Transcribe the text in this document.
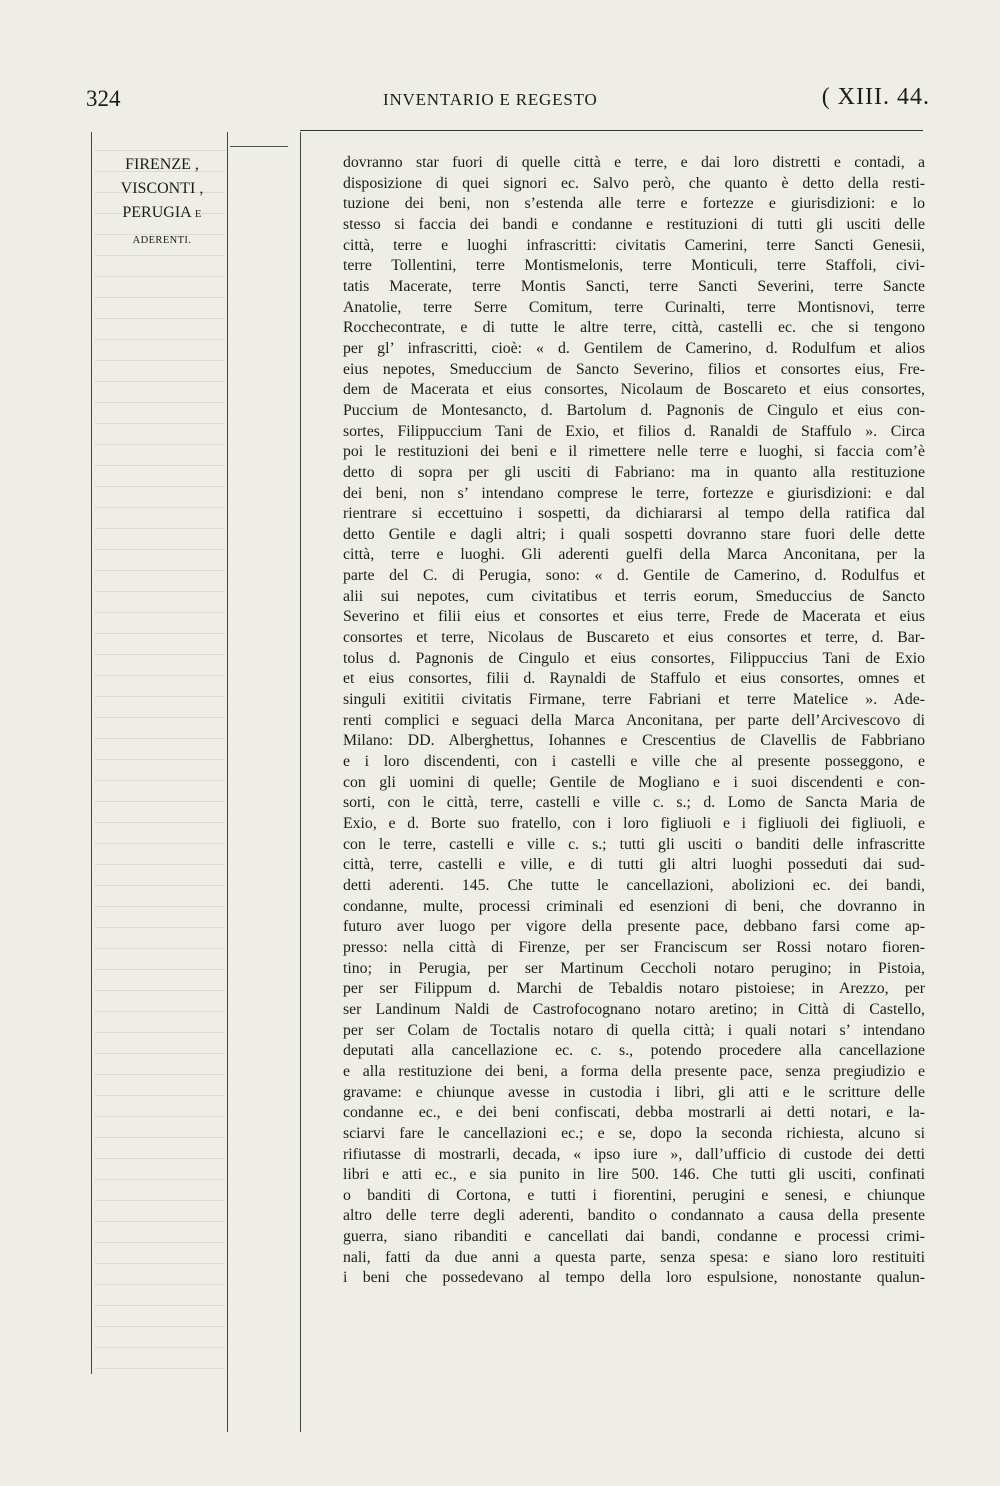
324	INVENTARIO E REGESTO	( XIII. 44.
FIRENZE ,
VISCONTI ,
PERUGIA E
ADERENTI.
dovranno star fuori di quelle città e terre, e dai loro distretti e contadi, a
disposizione di quei signori ec. Salvo però, che quanto è detto della resti-
tuzione dei beni, non s’estenda alle terre e fortezze e giurisdizioni: e lo
stesso si faccia dei bandi e condanne e restituzioni di tutti gli usciti delle
città, terre e luoghi infrascritti: civitatis Camerini, terre Sancti Genesii,
terre Tollentini, terre Montismelonis, terre Monticuli, terre Staffoli, civi-
tatis Macerate, terre Montis Sancti, terre Sancti Severini, terre Sancte
Anatolie, terre Serre Comitum, terre Curinalti, terre Montisnovi, terre
Rocchecontrate, e di tutte le altre terre, città, castelli ec. che si tengono
per gl’ infrascritti, cioè: « d. Gentilem de Camerino, d. Rodulfum et alios
eius nepotes, Smeduccium de Sancto Severino, filios et consortes eius, Fre-
dem de Macerata et eius consortes, Nicolaum de Boscareto et eius consortes,
Puccium de Montesancto, d. Bartolum d. Pagnonis de Cingulo et eius con-
sortes, Filippuccium Tani de Exio, et filios d. Ranaldi de Staffulo ». Circa
poi le restituzioni dei beni e il rimettere nelle terre e luoghi, si faccia com’è
detto di sopra per gli usciti di Fabriano: ma in quanto alla restituzione
dei beni, non s’ intendano comprese le terre, fortezze e giurisdizioni: e dal
rientrare si eccettuino i sospetti, da dichiararsi al tempo della ratifica dal
detto Gentile e dagli altri; i quali sospetti dovranno stare fuori delle dette
città, terre e luoghi. Gli aderenti guelfi della Marca Anconitana, per la
parte del C. di Perugia, sono: « d. Gentile de Camerino, d. Rodulfus et
alii sui nepotes, cum civitatibus et terris eorum, Smeduccius de Sancto
Severino et filii eius et consortes et eius terre, Frede de Macerata et eius
consortes et terre, Nicolaus de Buscareto et eius consortes et terre, d. Bar-
tolus d. Pagnonis de Cingulo et eius consortes, Filippuccius Tani de Exio
et eius consortes, filii d. Raynaldi de Staffulo et eius consortes, omnes et
singuli exititii civitatis Firmane, terre Fabriani et terre Matelice ». Ade-
renti complici e seguaci della Marca Anconitana, per parte dell’Arcivescovo di
Milano: DD. Alberghettus, Iohannes e Crescentius de Clavellis de Fabbriano
e i loro discendenti, con i castelli e ville che al presente posseggono, e
con gli uomini di quelle; Gentile de Mogliano e i suoi discendenti e con-
sorti, con le città, terre, castelli e ville c. s.; d. Lomo de Sancta Maria de
Exio, e d. Borte suo fratello, con i loro figliuoli e i figliuoli dei figliuoli, e
con le terre, castelli e ville c. s.; tutti gli usciti o banditi delle infrascritte
città, terre, castelli e ville, e di tutti gli altri luoghi posseduti dai sud-
detti aderenti. 145. Che tutte le cancellazioni, abolizioni ec. dei bandi,
condanne, multe, processi criminali ed esenzioni di beni, che dovranno in
futuro aver luogo per vigore della presente pace, debbano farsi come ap-
presso: nella città di Firenze, per ser Franciscum ser Rossi notaro fioren-
tino; in Perugia, per ser Martinum Ceccholi notaro perugino; in Pistoia,
per ser Filippum d. Marchi de Tebaldis notaro pistoiese; in Arezzo, per
ser Landinum Naldi de Castrofocognano notaro aretino; in Città di Castello,
per ser Colam de Toctalis notaro di quella città; i quali notari s’ intendano
deputati alla cancellazione ec. c. s., potendo procedere alla cancellazione
e alla restituzione dei beni, a forma della presente pace, senza pregiudizio e
gravame: e chiunque avesse in custodia i libri, gli atti e le scritture delle
condanne ec., e dei beni confiscati, debba mostrarli ai detti notari, e la-
sciarvi fare le cancellazioni ec.; e se, dopo la seconda richiesta, alcuno si
rifiutasse di mostrarli, decada, « ipso iure », dall’ufficio di custode dei detti
libri e atti ec., e sia punito in lire 500. 146. Che tutti gli usciti, confinati
o banditi di Cortona, e tutti i fiorentini, perugini e senesi, e chiunque
altro delle terre degli aderenti, bandito o condannato a causa della presente
guerra, siano ribanditi e cancellati dai bandi, condanne e processi crimi-
nali, fatti da due anni a questa parte, senza spesa: e siano loro restituiti
i beni che possedevano al tempo della loro espulsione, nonostante qualun-
